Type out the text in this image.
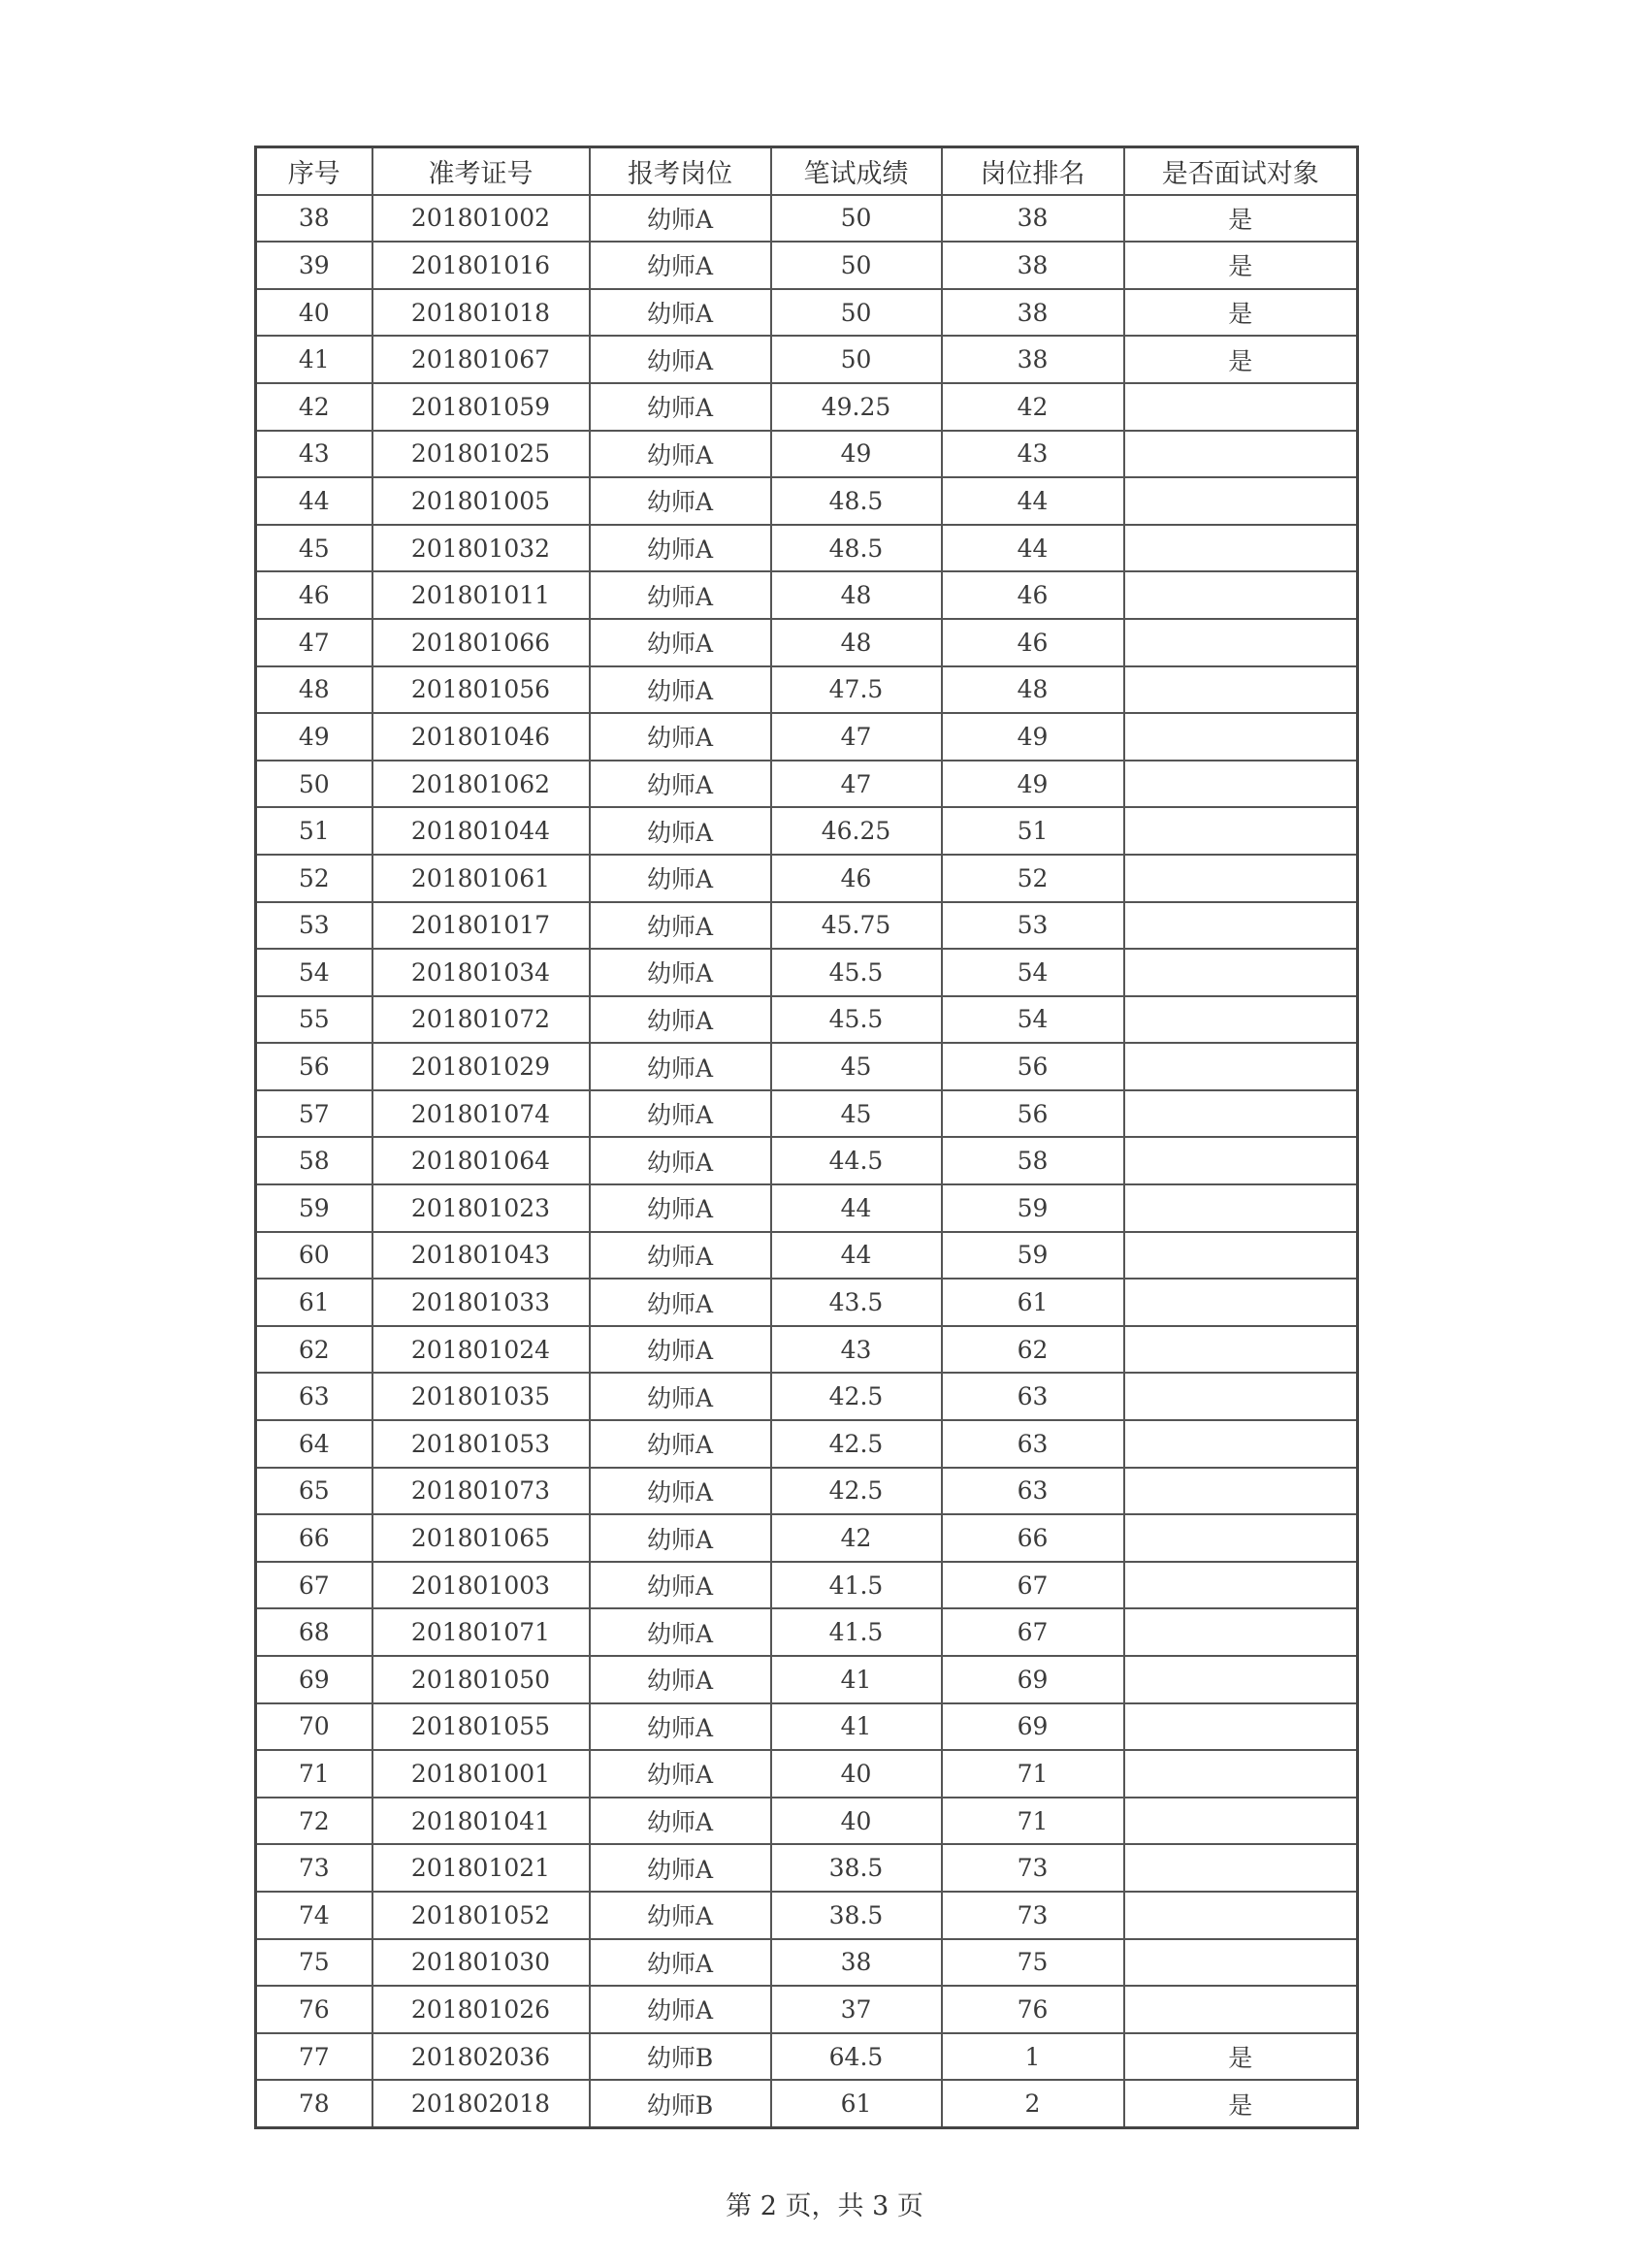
序号	准考证号	报考岗位	笔试成绩	岗位排名	是否面试对象
38	201801002	幼师A	50	38	是
39	201801016	幼师A	50	38	是
40	201801018	幼师A	50	38	是
41	201801067	幼师A	50	38	是
42	201801059	幼师A	49.25	42	
43	201801025	幼师A	49	43	
44	201801005	幼师A	48.5	44	
45	201801032	幼师A	48.5	44	
46	201801011	幼师A	48	46	
47	201801066	幼师A	48	46	
48	201801056	幼师A	47.5	48	
49	201801046	幼师A	47	49	
50	201801062	幼师A	47	49	
51	201801044	幼师A	46.25	51	
52	201801061	幼师A	46	52	
53	201801017	幼师A	45.75	53	
54	201801034	幼师A	45.5	54	
55	201801072	幼师A	45.5	54	
56	201801029	幼师A	45	56	
57	201801074	幼师A	45	56	
58	201801064	幼师A	44.5	58	
59	201801023	幼师A	44	59	
60	201801043	幼师A	44	59	
61	201801033	幼师A	43.5	61	
62	201801024	幼师A	43	62	
63	201801035	幼师A	42.5	63	
64	201801053	幼师A	42.5	63	
65	201801073	幼师A	42.5	63	
66	201801065	幼师A	42	66	
67	201801003	幼师A	41.5	67	
68	201801071	幼师A	41.5	67	
69	201801050	幼师A	41	69	
70	201801055	幼师A	41	69	
71	201801001	幼师A	40	71	
72	201801041	幼师A	40	71	
73	201801021	幼师A	38.5	73	
74	201801052	幼师A	38.5	73	
75	201801030	幼师A	38	75	
76	201801026	幼师A	37	76	
77	201802036	幼师B	64.5	1	是
78	201802018	幼师B	61	2	是
第 2 页，共 3 页
